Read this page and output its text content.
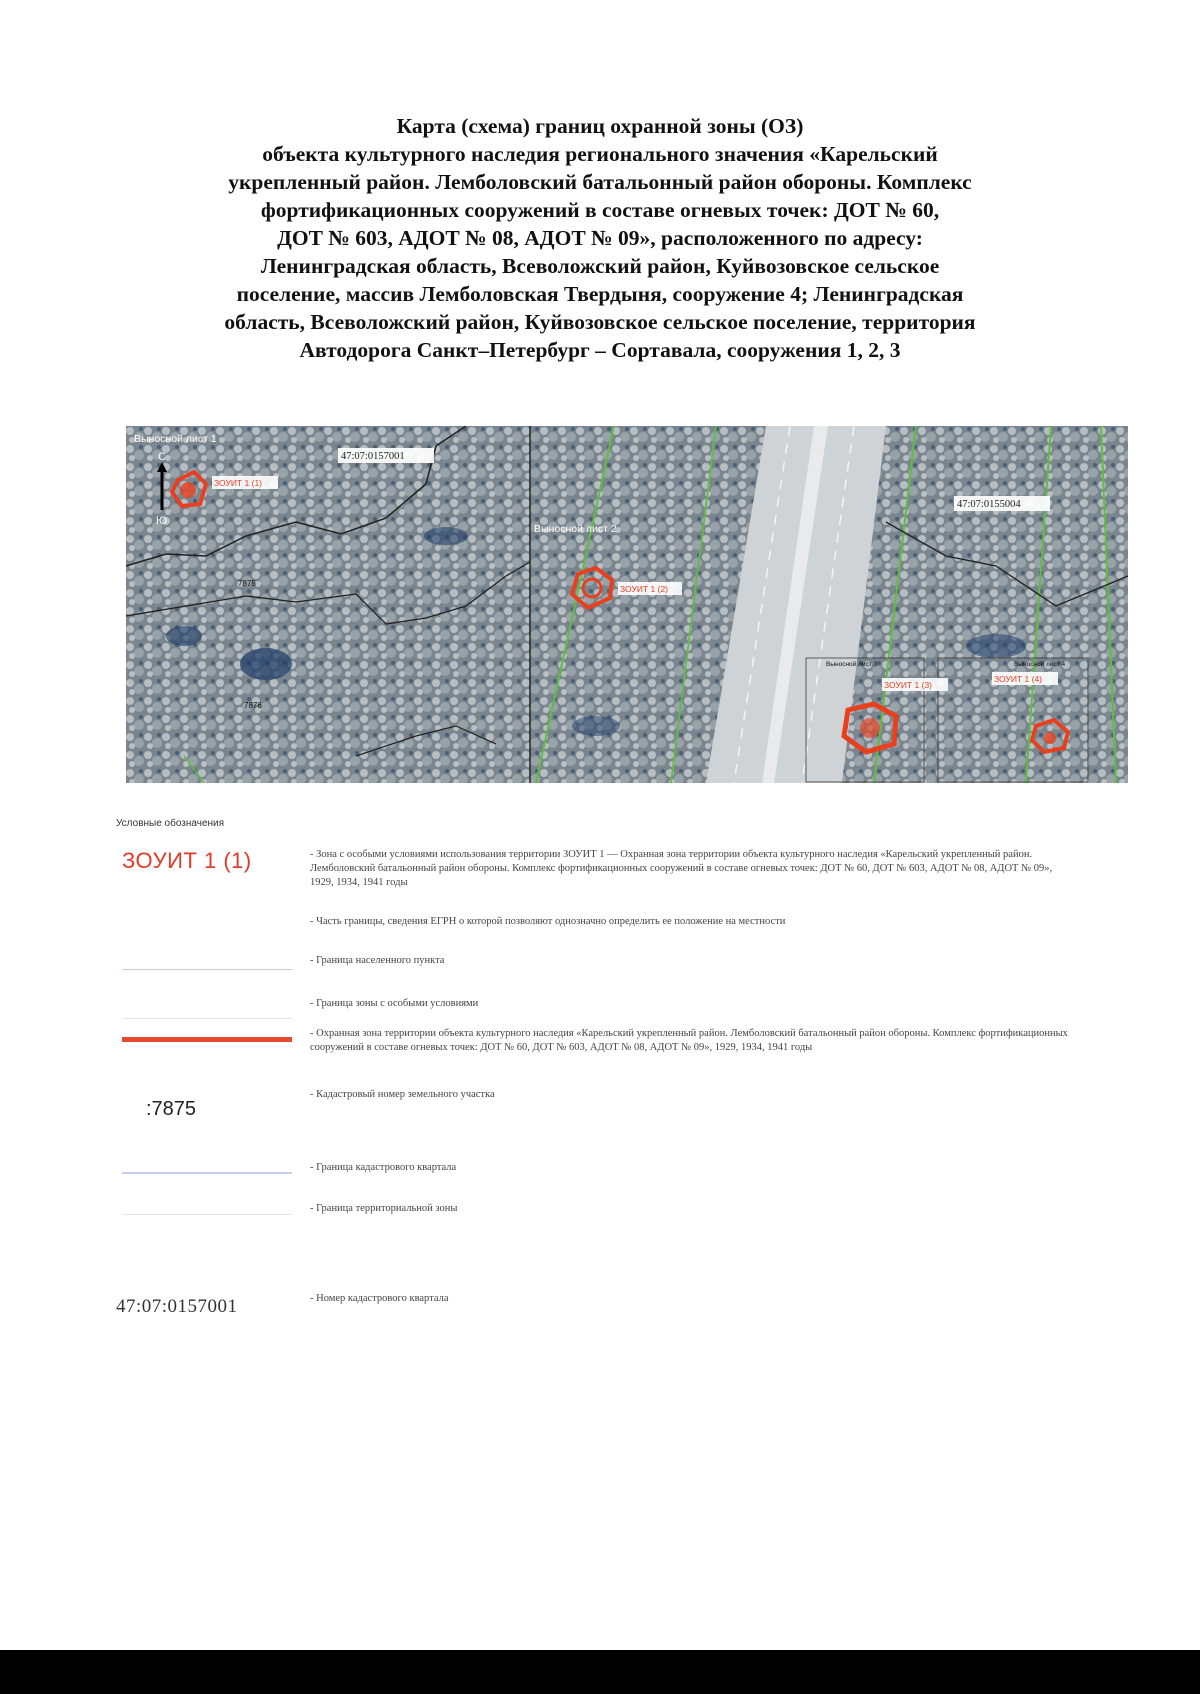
Карта (схема) границ охранной зоны (ОЗ)
объекта культурного наследия регионального значения «Карельский
укрепленный район. Лемболовский батальонный район обороны. Комплекс
фортификационных сооружений в составе огневых точек: ДОТ № 60,
ДОТ № 603, АДОТ № 08, АДОТ № 09», расположенного по адресу:
Ленинградская область, Всеволожский район, Куйвозовское сельское
поселение, массив Лемболовская Твердыня, сооружение 4; Ленинградская
область, Всеволожский район, Куйвозовское сельское поселение, территория
Автодорога Санкт–Петербург – Сортавала, сооружения 1, 2, 3
Выносной лист 1
С
Ю
ЗОУИТ 1 (1)
47:07:0157001
Выносной лист 2
ЗОУИТ 1 (2)
47:07:0155004
Выносной лист 3
ЗОУИТ 1 (3)
Выносной лист 4
ЗОУИТ 1 (4)
7875
7876
Условные обозначения
ЗОУИТ 1 (1)
:7875
47:07:0157001
- Зона с особыми условиями использования территории ЗОУИТ 1 — Охранная зона территории объекта культурного наследия «Карельский укрепленный район. Лемболовский батальонный район обороны. Комплекс фортификационных сооружений в составе огневых точек: ДОТ № 60, ДОТ № 603, АДОТ № 08, АДОТ № 09», 1929, 1934, 1941 годы
- Часть границы, сведения ЕГРН о которой позволяют однозначно определить ее положение на местности
- Граница населенного пункта
- Граница зоны с особыми условиями
- Охранная зона территории объекта культурного наследия «Карельский укрепленный район. Лемболовский батальонный район обороны. Комплекс фортификационных сооружений в составе огневых точек: ДОТ № 60, ДОТ № 603, АДОТ № 08, АДОТ № 09», 1929, 1934, 1941 годы
- Кадастровый номер земельного участка
- Граница кадастрового квартала
- Граница территориальной зоны
- Номер кадастрового квартала
